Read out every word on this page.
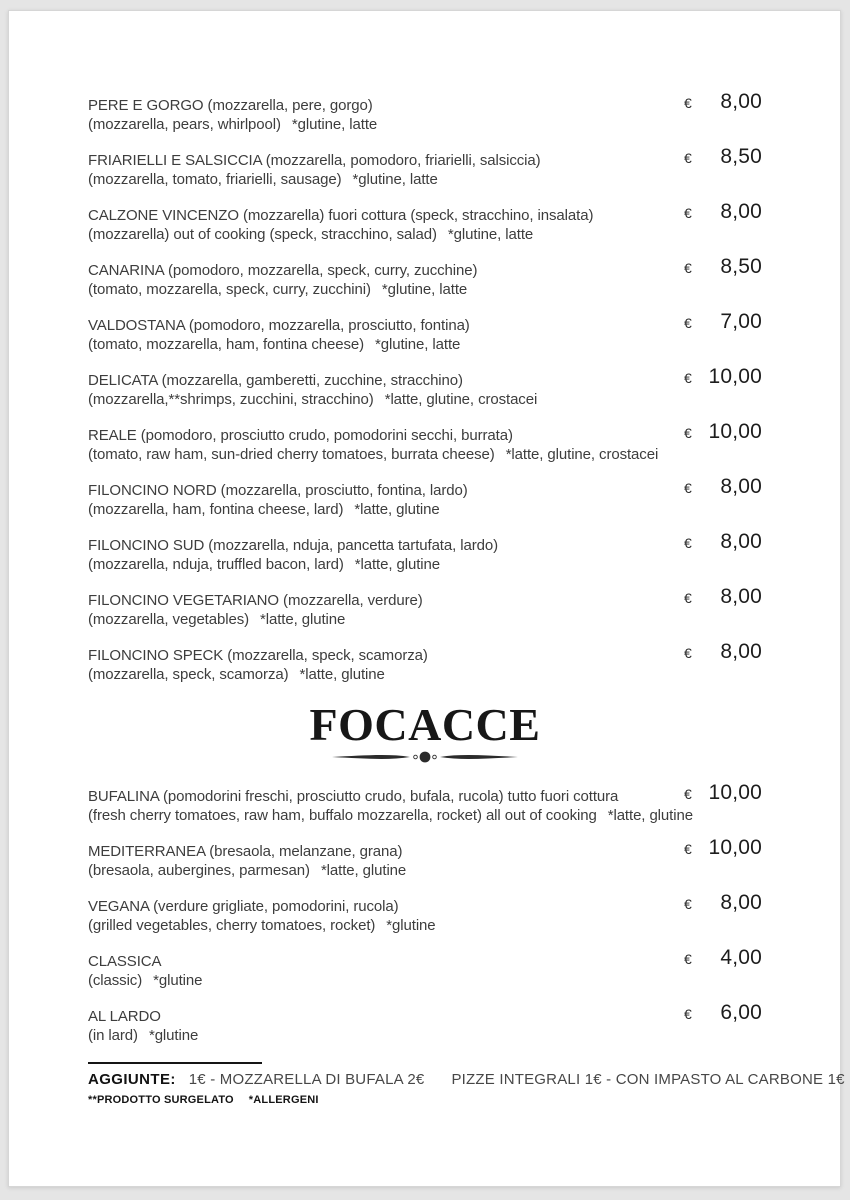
PERE E GORGO (mozzarella, pere, gorgo)
(mozzarella, pears, whirlpool) *glutine, latte
€ 8,00
FRIARIELLI E SALSICCIA (mozzarella, pomodoro, friarielli, salsiccia)
(mozzarella, tomato, friarielli, sausage) *glutine, latte
€ 8,50
CALZONE VINCENZO (mozzarella) fuori cottura (speck, stracchino, insalata)
(mozzarella) out of cooking (speck, stracchino, salad) *glutine, latte
€ 8,00
CANARINA (pomodoro, mozzarella, speck, curry, zucchine)
(tomato, mozzarella, speck, curry, zucchini) *glutine, latte
€ 8,50
VALDOSTANA (pomodoro, mozzarella, prosciutto, fontina)
(tomato, mozzarella, ham, fontina cheese) *glutine, latte
€ 7,00
DELICATA (mozzarella, gamberetti, zucchine, stracchino)
(mozzarella,**shrimps, zucchini, stracchino) *latte, glutine, crostacei
€ 10,00
REALE (pomodoro, prosciutto crudo, pomodorini secchi, burrata)
(tomato, raw ham, sun-dried cherry tomatoes, burrata cheese) *latte, glutine, crostacei
€ 10,00
FILONCINO NORD (mozzarella, prosciutto, fontina, lardo)
(mozzarella, ham, fontina cheese, lard) *latte, glutine
€ 8,00
FILONCINO SUD (mozzarella, nduja, pancetta tartufata, lardo)
(mozzarella, nduja, truffled bacon, lard) *latte, glutine
€ 8,00
FILONCINO VEGETARIANO (mozzarella, verdure)
(mozzarella, vegetables) *latte, glutine
€ 8,00
FILONCINO SPECK (mozzarella, speck, scamorza)
(mozzarella, speck, scamorza) *latte, glutine
€ 8,00
FOCACCE
BUFALINA (pomodorini freschi, prosciutto crudo, bufala, rucola) tutto fuori cottura
(fresh cherry tomatoes, raw ham, buffalo mozzarella, rocket) all out of cooking *latte, glutine
€ 10,00
MEDITERRANEA (bresaola, melanzane, grana)
(bresaola, aubergines, parmesan) *latte, glutine
€ 10,00
VEGANA (verdure grigliate, pomodorini, rucola)
(grilled vegetables, cherry tomatoes, rocket) *glutine
€ 8,00
CLASSICA
(classic) *glutine
€ 4,00
AL LARDO
(in lard) *glutine
€ 6,00
AGGIUNTE: 1€ - MOZZARELLA DI BUFALA 2€ PIZZE INTEGRALI 1€ - CON IMPASTO AL CARBONE 1€
**PRODOTTO SURGELATO *ALLERGENI
